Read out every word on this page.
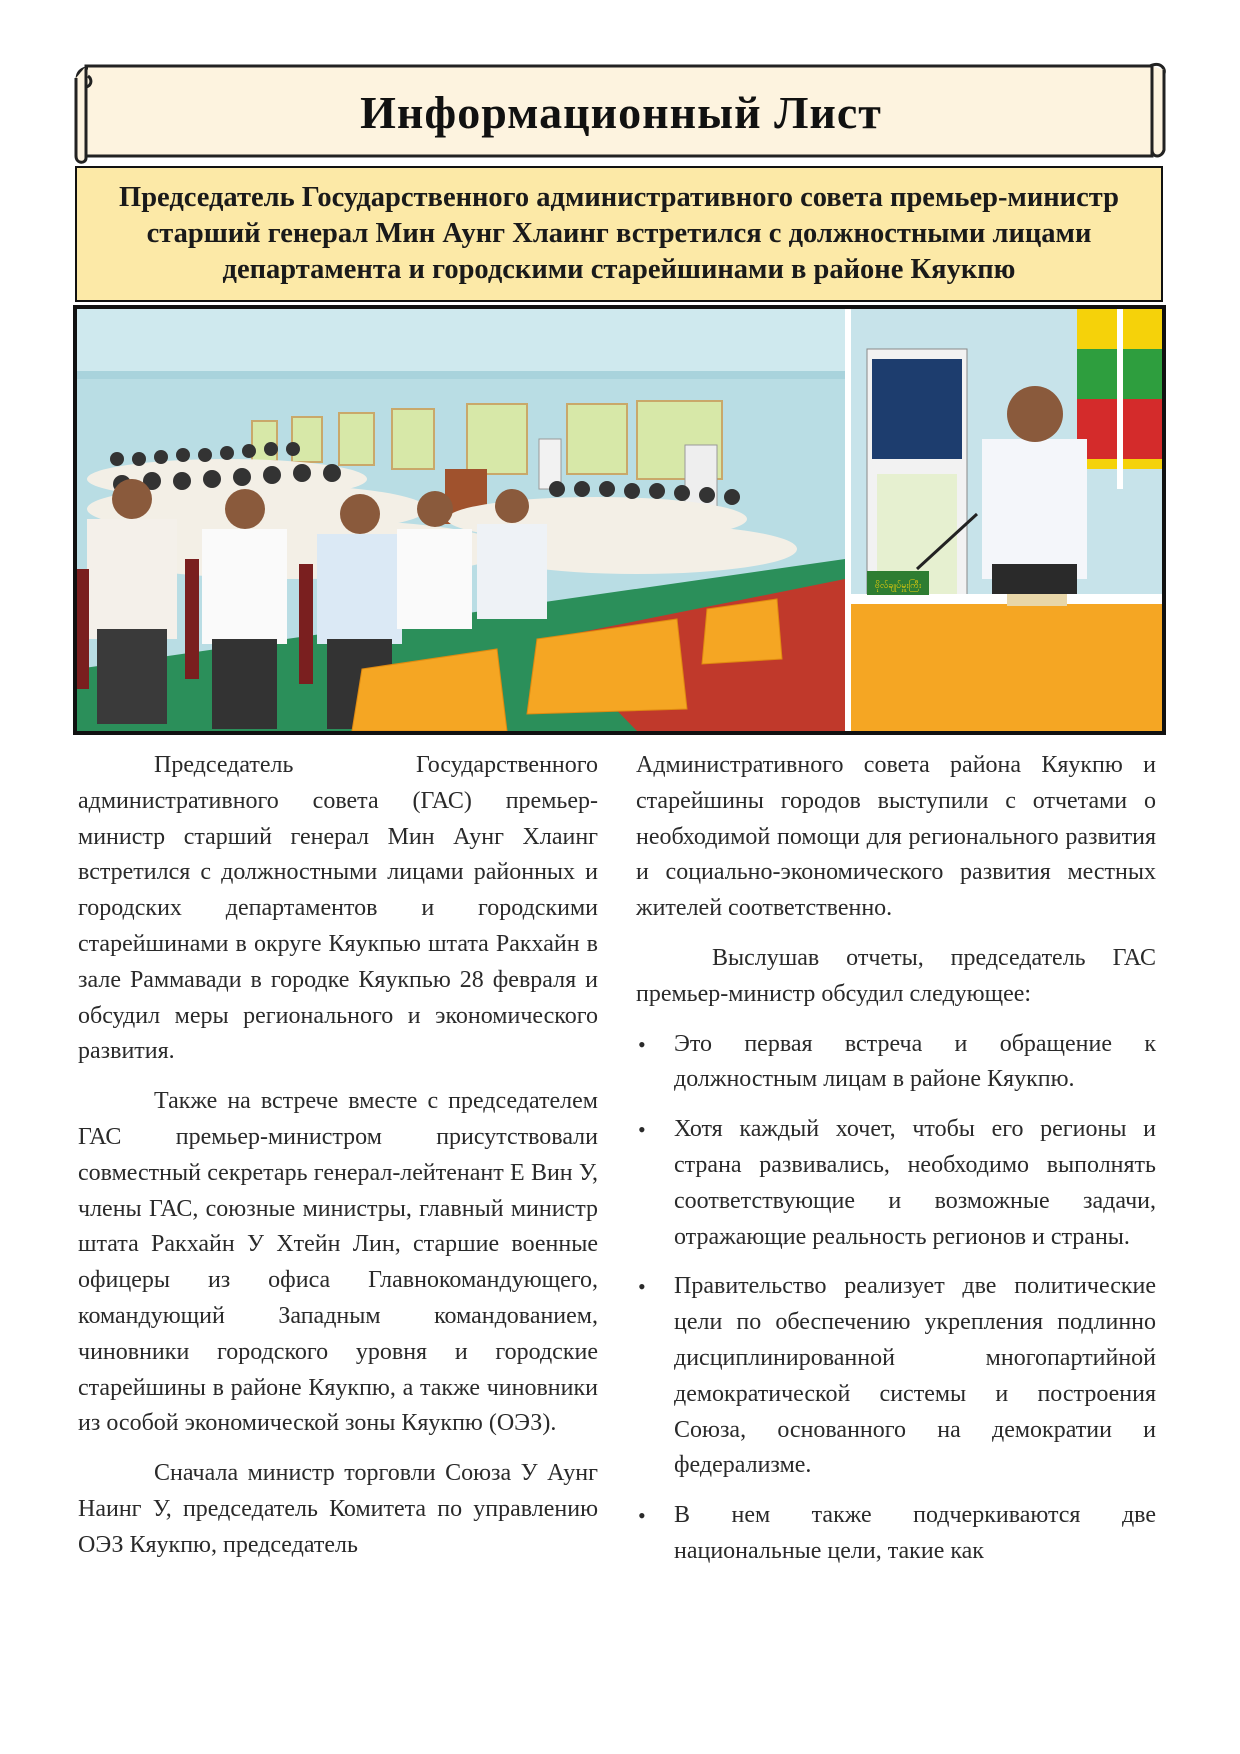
Информационный Лист
Председатель Государственного административного совета премьер-министр старший генерал Мин Аунг Хлаинг встретился с должностными лицами департамента и городскими старейшинами в районе Кяукпю
ဗိုလ်ချုပ်မှူးကြီး

Председатель Государственного административного совета (ГАС) премьер-министр старший генерал Мин Аунг Хлаинг встретился с должностными лицами районных и городских департаментов и городскими старейшинами в округе Кяукпью штата Ракхайн в зале Раммавади в городке Кяукпью 28 февраля и обсудил меры регионального и экономического развития.

Также на встрече вместе с председателем ГАС премьер-министром присутствовали совместный секретарь генерал-лейтенант Е Вин У, члены ГАС, союзные министры, главный министр штата Ракхайн У Хтейн Лин, старшие военные офицеры из офиса Главнокомандующего, командующий Западным командованием, чиновники городского уровня и городские старейшины в районе Кяукпю, а также чиновники из особой экономической зоны Кяукпю (ОЭЗ).

Сначала министр торговли Союза У Аунг Наинг У, председатель Комитета по управлению ОЭЗ Кяукпю, председатель

Административного совета района Кяукпю и старейшины городов выступили с отчетами о необходимой помощи для регионального развития и социально-экономического развития местных жителей соответственно.

Выслушав отчеты, председатель ГАС премьер-министр обсудил следующее:

• Это первая встреча и обращение к должностным лицам в районе Кяукпю.
• Хотя каждый хочет, чтобы его регионы и страна развивались, необходимо выполнять соответствующие и возможные задачи, отражающие реальность регионов и страны.
• Правительство реализует две политические цели по обеспечению укрепления подлинно дисциплинированной многопартийной демократической системы и построения Союза, основанного на демократии и федерализме.
• В нем также подчеркиваются две национальные цели, такие как
